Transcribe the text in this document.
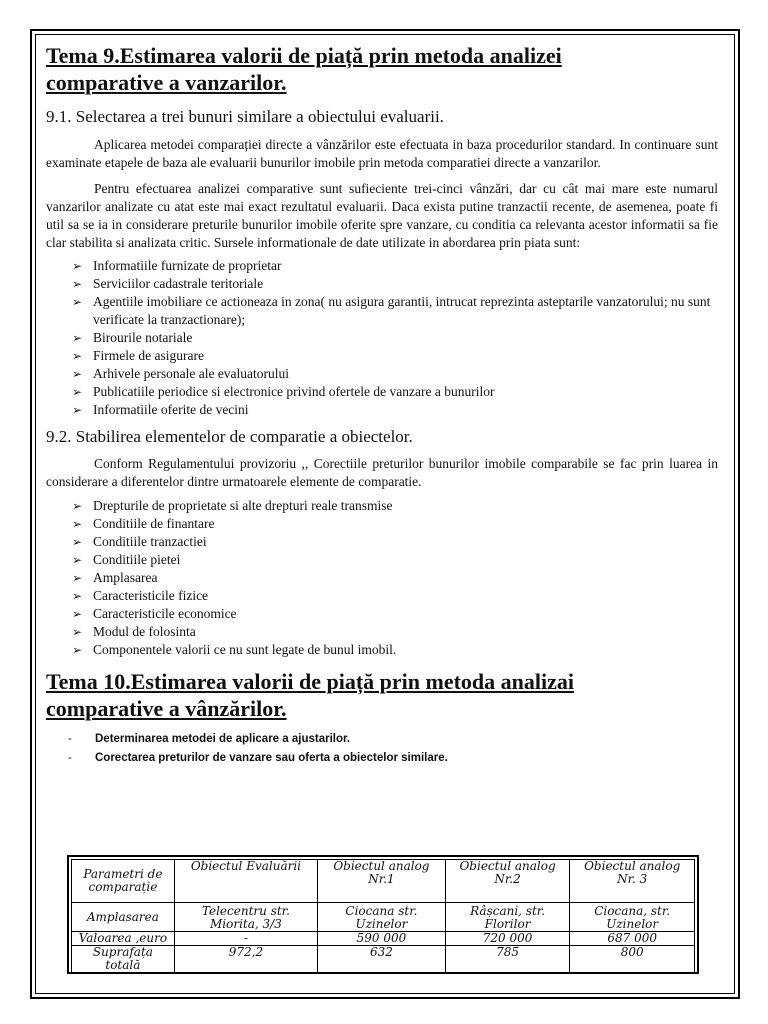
Tema 9.Estimarea valorii de piață prin metoda analizei
comparative a vanzarilor.
9.1. Selectarea a trei bunuri similare a obiectului evaluarii.

Aplicarea metodei comparației directe a vânzărilor este efectuata in baza procedurilor standard. In continuare sunt examinate etapele de baza ale evaluarii bunurilor imobile prin metoda comparatiei directe a vanzarilor.

Pentru efectuarea analizei comparative sunt sufieciente trei-cinci vânzări, dar cu cât mai mare este numarul vanzarilor analizate cu atat este mai exact rezultatul evaluarii. Daca exista putine tranzactii recente, de asemenea, poate fi util sa se ia in considerare preturile bunurilor imobile oferite spre vanzare, cu conditia ca relevanta acestor informatii sa fie clar stabilita si analizata critic. Sursele informationale de date utilizate in abordarea prin piata sunt:

➢ Informatiile furnizate de proprietar
➢ Serviciilor cadastrale teritoriale
➢ Agentiile imobiliare ce actioneaza in zona( nu asigura garantii, intrucat reprezinta asteptarile vanzatorului; nu sunt verificate la tranzactionare);
➢ Birourile notariale
➢ Firmele de asigurare
➢ Arhivele personale ale evaluatorului
➢ Publicatiile periodice si electronice privind ofertele de vanzare a bunurilor
➢ Informatiile oferite de vecini
9.2. Stabilirea elementelor de comparatie a obiectelor.

Conform Regulamentului provizoriu ,, Corectiile preturilor bunurilor imobile comparabile se fac prin luarea in considerare a diferentelor dintre urmatoarele elemente de comparatie.

➢ Drepturile de proprietate si alte drepturi reale transmise
➢ Conditiile de finantare
➢ Conditiile tranzactiei
➢ Conditiile pietei
➢ Amplasarea
➢ Caracteristicile fizice
➢ Caracteristicile economice
➢ Modul de folosinta
➢ Componentele valorii ce nu sunt legate de bunul imobil.
Tema 10.Estimarea valorii de piață prin metoda analizai
comparative a vânzărilor.
- Determinarea metodei de aplicare a ajustarilor.
- Corectarea preturilor de vanzare sau oferta a obiectelor similare.
Parametri de comparație	Obiectul Evaluării	Obiectul analog Nr.1	Obiectul analog Nr.2	Obiectul analog Nr. 3
Amplasarea	Telecentru str. Miorita, 3/3	Ciocana str. Uzinelor	Râșcani, str. Florilor	Ciocana, str. Uzinelor
Valoarea ,euro	-	590 000	720 000	687 000
Suprafața totală	972,2	632	785	800
